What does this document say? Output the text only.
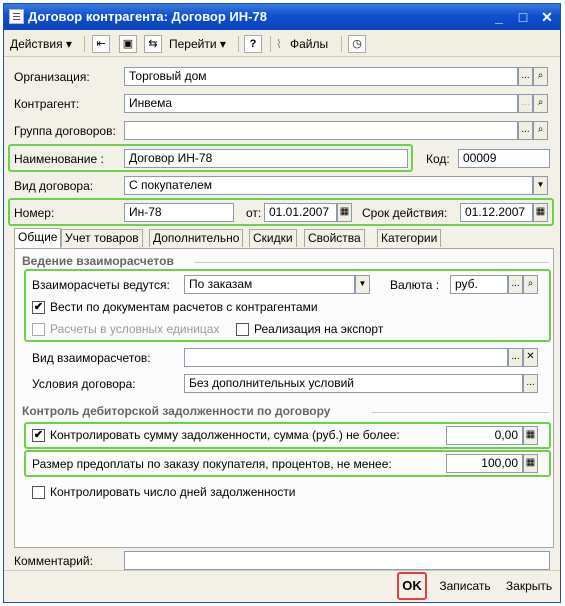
Договор контрагента: Договор ИН-78	_	□ ✕
Действия ▾	⇤	▣	⇆ Перейти ▾	?	⌇ Файлы	◷
Организация:	Торговый дом	... ⌕
Контрагент:	Инвема	... ⌕
Группа договоров:	... ⌕
Наименование :	Договор ИН-78	Код:	00009
Вид договора:	С покупателем	▼
Номер:	Ин-78	от: 01.01.2007	▦ Срок действия:	01.12.2007	▦
Общие Учет товаров	Дополнительно	Скидки	Свойства	Категории
Ведение взаиморасчетов
Взаиморасчеты ведутся:	По заказам	▼ Валюта :	руб.	... ⌕
✔ Вести по документам расчетов с контрагентами
Расчеты в условных единицах	Реализация на экспорт
Вид взаиморасчетов:	... ✕
Условия договора:	Без дополнительных условий	...
Контроль дебиторской задолженности по договору
✔ Контролировать сумму задолженности, сумма (руб.) не более:	0,00 ▦
Размер предоплаты по заказу покупателя, процентов, не менее:	100,00 ▦
Контролировать число дней задолженности
Комментарий:
OK	Записать	Закрыть
